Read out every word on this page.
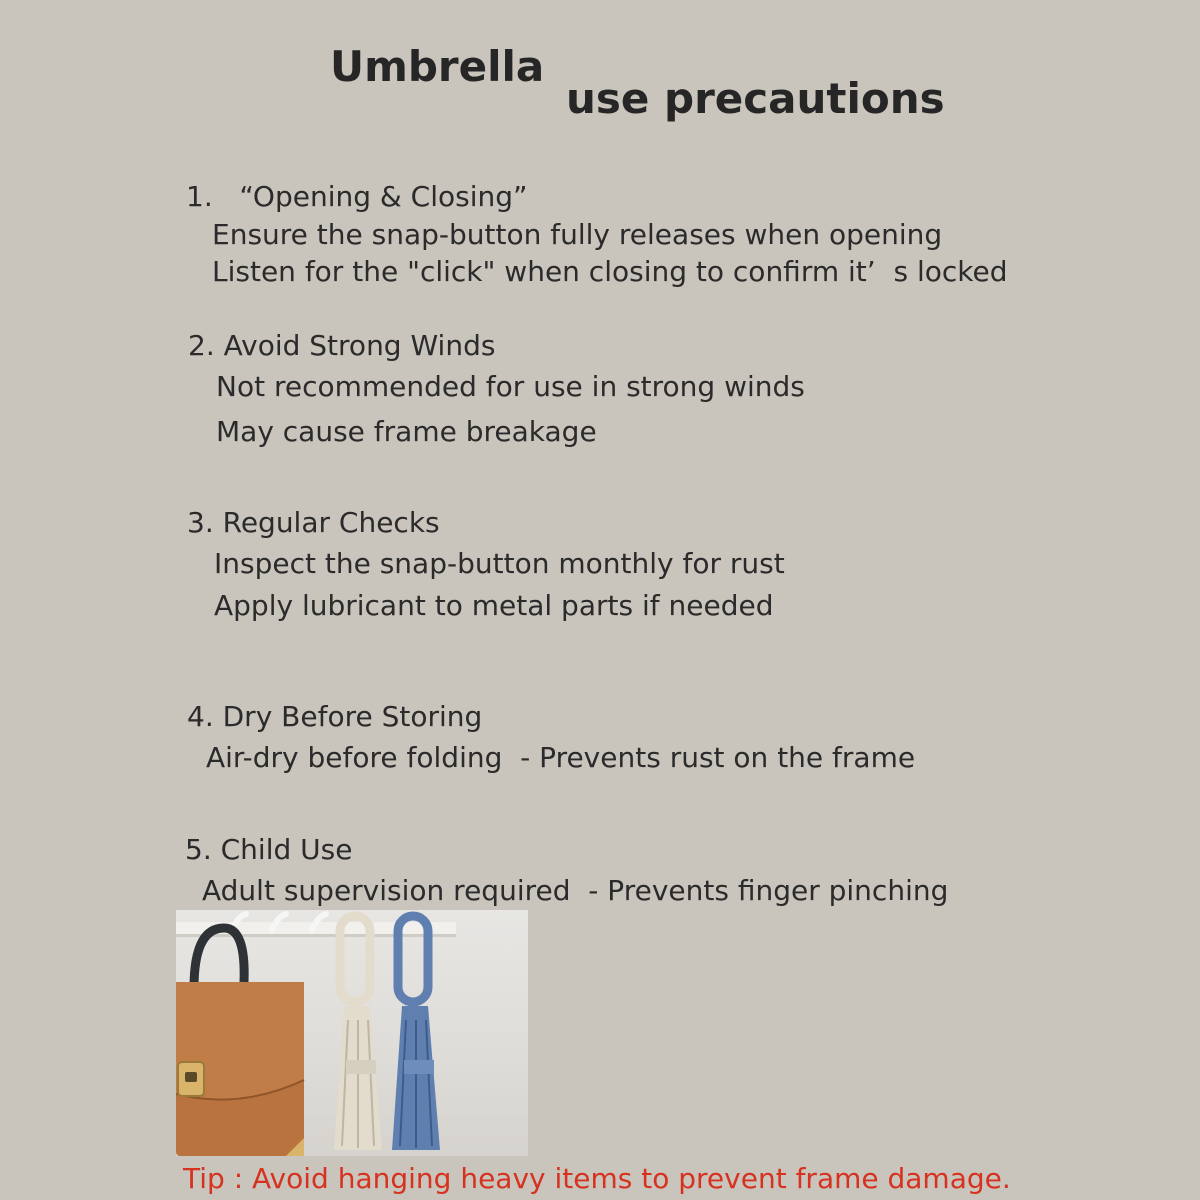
Umbrella
use precautions
1.   “Opening & Closing”
Ensure the snap-button fully releases when opening
Listen for the "click" when closing to confirm it’  s locked
2. Avoid Strong Winds
Not recommended for use in strong winds
May cause frame breakage
3. Regular Checks
Inspect the snap-button monthly for rust
Apply lubricant to metal parts if needed
4. Dry Before Storing
Air-dry before folding  - Prevents rust on the frame
5. Child Use
Adult supervision required  - Prevents finger pinching
Tip : Avoid hanging heavy items to prevent frame damage.
